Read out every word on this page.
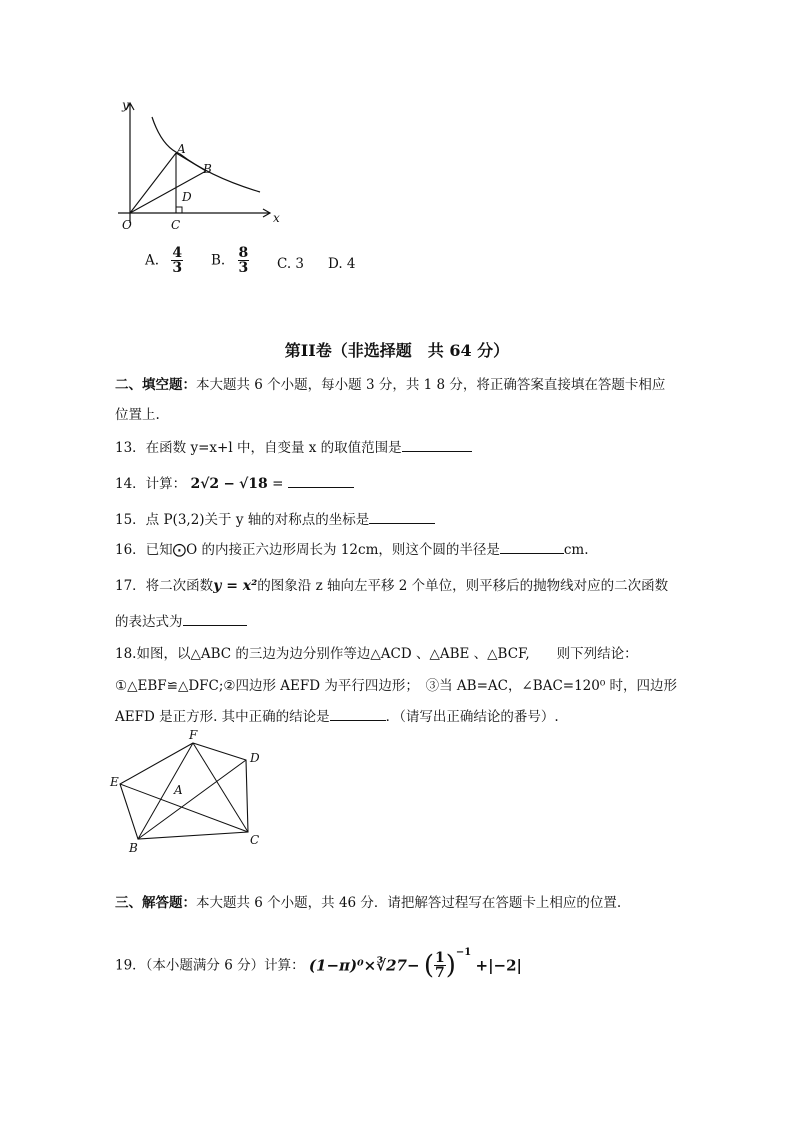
y
x
O	C
A
B
D
A. $\frac{4}{3} B$. $\frac{8}{3} C$. 3 D. 4
第II卷（非选择题　共 64 分）
二、填空题：本大题共 6 个小题，每小题 3 分，共 1 8 分，将正确答案直接填在答题卡相应
位置上.
13．在函数 y=x+l 中，自变量 x 的取值范围是
14．计算： 2√2 − √18 =
15．点 P(3,2)关于 y 轴的对称点的坐标是
16．已知⨀O 的内接正六边形周长为 12cm，则这个圆的半径是	cm.
17．将二次函数y = x²的图象沿 z 轴向左平移 2 个单位，则平移后的抛物线对应的二次函数
的表达式为
18.如图，以△ABC 的三边为边分别作等边△ACD 、△ABE 、△BCF,　　则下列结论：
①△EBF≌△DFC;②四边形 AEFD 为平行四边形；　③当 AB=AC，∠BAC=120⁰ 时，四边形
AEFD 是正方形. 其中正确的结论是	．（请写出正确结论的番号）.
F
D
E
A
B
C
三、解答题：本大题共 6 个小题，共 46 分．请把解答过程写在答题卡上相应的位置.
19．（本小题满分 6 分）计算： (1−π)⁰×∛27− ( $\frac{1}{7} )^{-1} +|-2|$
